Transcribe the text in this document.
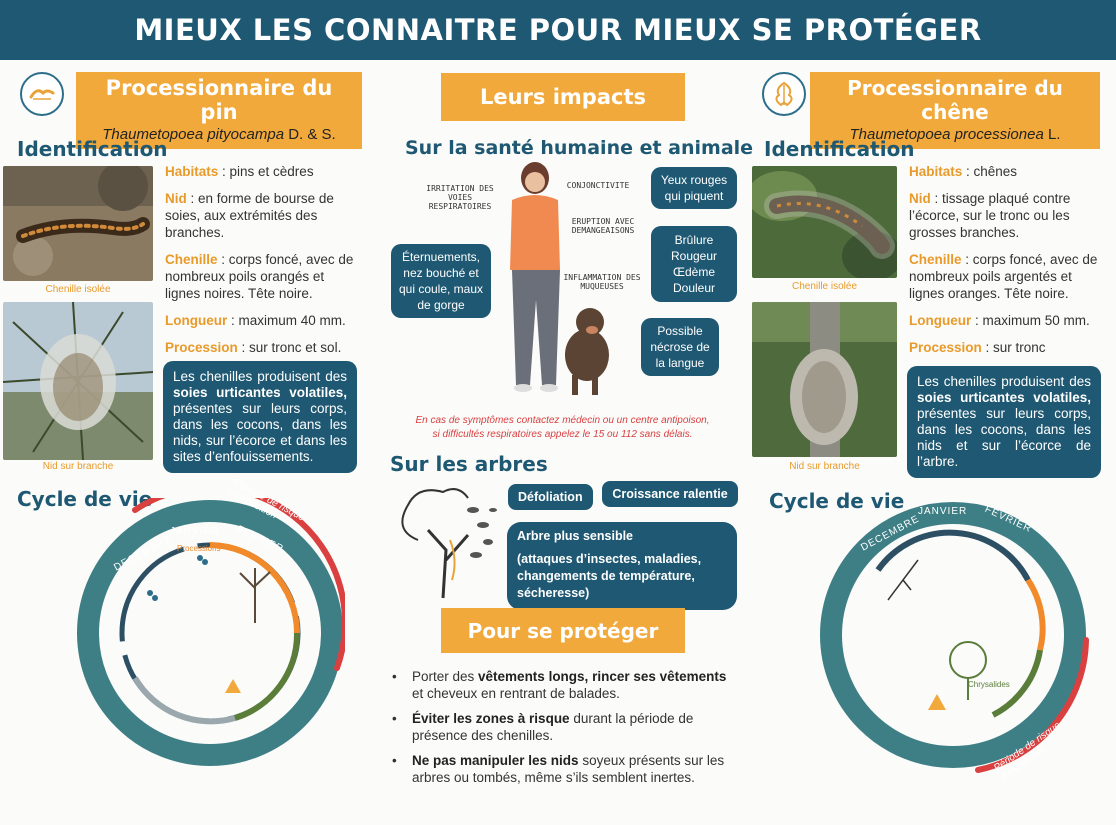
MIEUX LES CONNAITRE POUR MIEUX SE PROTÉGER
Processionnaire du pin
Thaumetopoea pityocampa D. & S.
Identification
Chenille isolée
Nid sur branche

Habitats : pins et cèdres

Nid : en forme de bourse de soies, aux extrémités des branches.

Chenille : corps foncé, avec de nombreux poils orangés et lignes noires. Tête noire.

Longueur : maximum 40 mm.

Procession : sur tronc et sol.

Les chenilles produisent des soies urticantes volatiles, présentes sur leurs corps, dans les cocons, dans les nids, sur l’écorce et dans les sites d’enfouissements.
Cycle de vie	Période de risque d’exposition
JANVIER FEVRIER
DECEMBRE Processions
Leurs impacts
Sur la santé humaine et animale
IRRITATION DES VOIES RESPIRATOIRES
CONJONCTIVITE
ERUPTION AVEC DEMANGEAISONS
INFLAMMATION DES MUQUEUSES
Yeux rouges qui piquent
Éternuements, nez bouché et qui coule, maux de gorge
Brûlure
Rougeur
Œdème
Douleur
Possible nécrose de la langue
En cas de symptômes contactez médecin ou un centre antipoison,
si difficultés respiratoires appelez le 15 ou 112 sans délais.
Sur les arbres
Défoliation	Croissance ralentie
Arbre plus sensible
(attaques d’insectes, maladies, changements de température, sécheresse)
Pour se protéger
• Porter des vêtements longs, rincer ses vêtements et cheveux en rentrant de balades.
• Éviter les zones à risque durant la période de présence des chenilles.
• Ne pas manipuler les nids soyeux présents sur les arbres ou tombés, même s’ils semblent inertes.
Processionnaire du chêne
Thaumetopoea processionea L.
Identification
Chenille isolée
Nid sur branche

Habitats : chênes

Nid : tissage plaqué contre l’écorce, sur le tronc ou les grosses branches.

Chenille : corps foncé, avec de nombreux poils argentés et lignes oranges. Tête noire.

Longueur : maximum 50 mm.

Procession : sur tronc

Les chenilles produisent des soies urticantes volatiles, présentes sur leurs corps, dans les cocons, dans les nids et sur l’écorce de l’arbre.
Cycle de vie JANVIER FEVRIER
DECEMBRE
Période de risque d’exposition
Chrysalides
